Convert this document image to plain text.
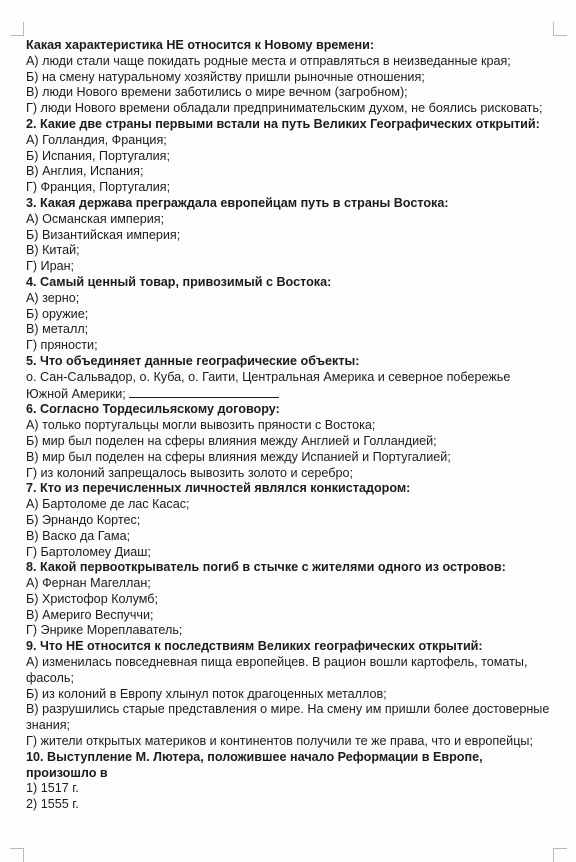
Какая характеристика НЕ относится к Новому времени:

А) люди стали чаще покидать родные места и отправляться в неизведанные края;

Б) на смену натуральному хозяйству пришли рыночные отношения;

В) люди Нового времени заботились о мире вечном (загробном);

Г) люди Нового времени обладали предпринимательским духом, не боялись рисковать;

2. Какие две страны первыми встали на путь Великих Географических открытий:

А) Голландия, Франция;

Б) Испания, Португалия;

В) Англия, Испания;

Г) Франция, Португалия;

3. Какая держава преграждала европейцам путь в страны Востока:

А) Османская империя;

Б) Византийская империя;

В) Китай;

Г) Иран;

4. Самый ценный товар, привозимый с Востока:

А) зерно;

Б) оружие;

В) металл;

Г) пряности;

5. Что объединяет данные географические объекты:

о. Сан-Сальвадор, о. Куба, о. Гаити, Центральная Америка и северное побережье Южной Америки;

6. Согласно Тордесильяскому договору:

А) только португальцы могли вывозить пряности с Востока;

Б) мир был поделен на сферы влияния между Англией и Голландией;

В) мир был поделен на сферы влияния между Испанией и Португалией;

Г) из колоний запрещалось вывозить золото и серебро;

7. Кто из перечисленных личностей являлся конкистадором:

А) Бартоломе де лас Касас;

Б) Эрнандо Кортес;

В) Васко да Гама;

Г) Бартоломеу Диаш;

8. Какой первооткрыватель погиб в стычке с жителями одного из островов:

А) Фернан Магеллан;

Б) Христофор Колумб;

В) Америго Веспуччи;

Г) Энрике Мореплаватель;

9. Что НЕ относится к последствиям Великих географических открытий:

А) изменилась повседневная пища европейцев. В рацион вошли картофель, томаты, фасоль;

Б) из колоний в Европу хлынул поток драгоценных металлов;

В) разрушились старые представления о мире. На смену им пришли более достоверные знания;

Г) жители открытых материков и континентов получили те же права, что и европейцы;

10. Выступление М. Лютера, положившее начало Реформации в Европе, произошло в

1) 1517 г.

2) 1555 г.
